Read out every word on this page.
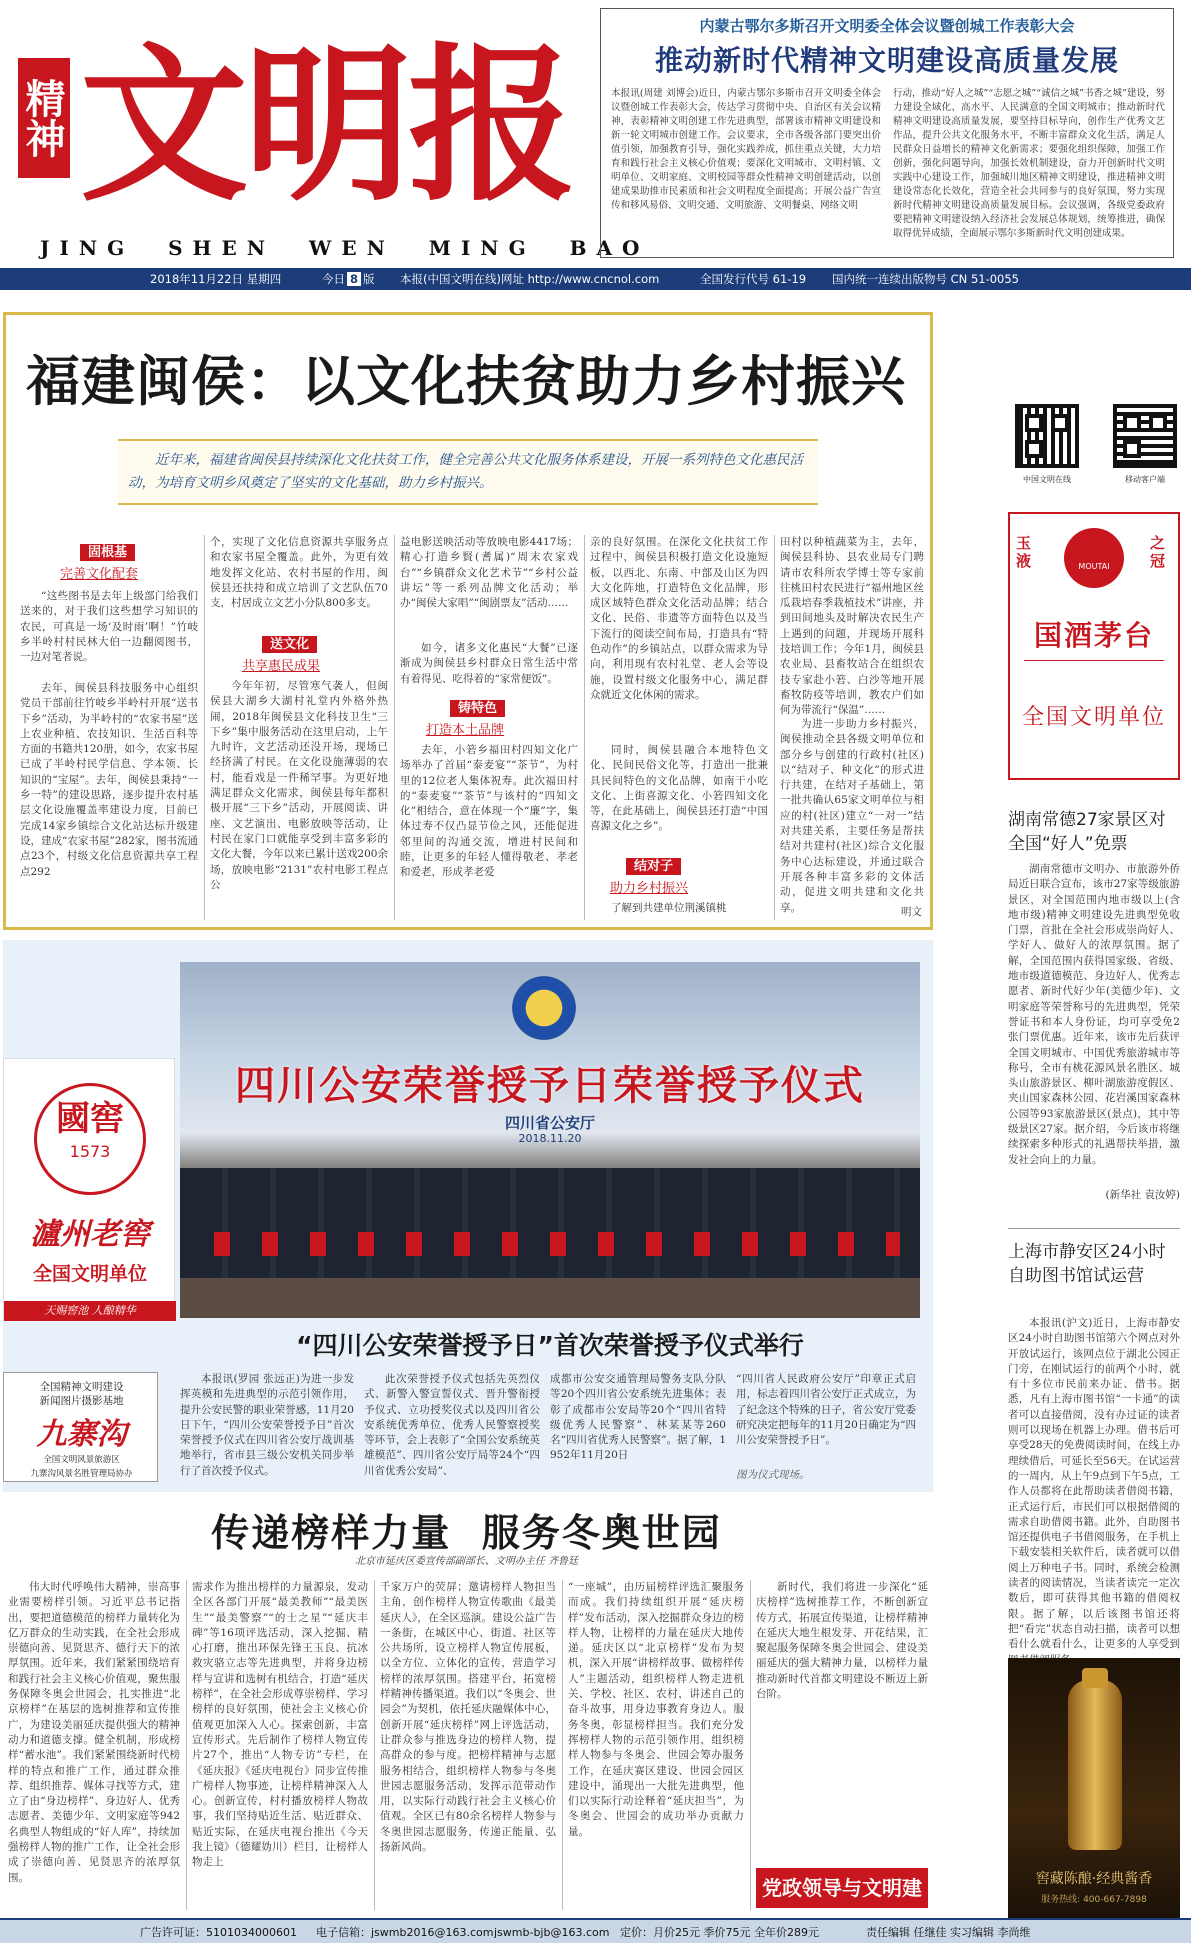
精神 文明报
JING  SHEN  WEN  MING  BAO
内蒙古鄂尔多斯召开文明委全体会议暨创城工作表彰大会
推动新时代精神文明建设高质量发展
本报讯(周建 刘博会)近日，内蒙古鄂尔多斯市召开文明委全体会议暨创城工作表彰大会，传达学习贯彻中央、自治区有关会议精神，表彰精神文明创建工作先进典型，部署该市精神文明建设和新一轮文明城市创建工作。会议要求，全市各级各部门要突出价值引领，加强教育引导，强化实践养成，抓住重点关键，大力培育和践行社会主义核心价值观；要深化文明城市、文明村镇、文明单位、文明家庭、文明校园等群众性精神文明创建活动，以创建成果助推市民素质和社会文明程度全面提高；开展公益广告宣传和移风易俗、文明交通、文明旅游、文明餐桌、网络文明
行动，推动“好人之城”“志愿之城”“诚信之城”书香之城”建设，努力建设全域化、高水平、人民满意的全国文明城市；推动新时代精神文明建设高质量发展，要坚持目标导向，创作生产优秀文艺作品，提升公共文化服务水平，不断丰富群众文化生活，满足人民群众日益增长的精神文化新需求；要强化组织保障，加强工作创新，强化问题导向，加强长效机制建设，奋力开创新时代文明实践中心建设工作，加强城川地区精神文明建设，推进精神文明建设常态化长效化，营造全社会共同参与的良好氛围，努力实现新时代精神文明建设高质量发展目标。会议强调，各级党委政府要把精神文明建设纳入经济社会发展总体规划，统筹推进，确保取得优异成绩，全面展示鄂尔多斯新时代文明创建成果。
2018年11月22日 星期四	今日 8 版 本报(中国文明在线)网址 http://www.cncnol.com	全国发行代号 61-19 国内统一连续出版物号 CN 51-0055
福建闽侯：以文化扶贫助力乡村振兴
近年来，福建省闽侯县持续深化文化扶贫工作，健全完善公共文化服务体系建设，开展一系列特色文化惠民活动，为培育文明乡风奠定了坚实的文化基础，助力乡村振兴。
固根基
完善文化配套
“这些图书是去年上级部门给我们送来的，对于我们这些想学习知识的农民，可真是一场‘及时雨’啊！”竹岐乡半岭村村民林大伯一边翻阅图书，一边对笔者说。
去年，闽侯县科技服务中心组织党员干部前往竹岐乡半岭村开展“送书下乡”活动，为半岭村的“农家书屋”送上农业种植、农技知识、生活百科等方面的书籍共120册，如今，农家书屋已成了半岭村民学信息、学本领、长知识的“宝屋”。去年，闽侯县秉持“一乡一特”的建设思路，逐步提升农村基层文化设施覆盖率建设力度，目前已完成14家乡镇综合文化站达标升级建设，建成“农家书屋”282家，图书流通点23个，村级文化信息资源共享工程点292
个，实现了文化信息资源共享服务点和农家书屋全覆盖。此外，为更有效地发挥文化站、农村书屋的作用，闽侯县还扶持和成立培训了文艺队伍70支，村居成立文艺小分队800多支。
送文化
共享惠民成果
今年年初，尽管寒气袭人，但闽侯县大湖乡大湖村礼堂内外格外热闹，2018年闽侯县文化科技卫生“三下乡”集中服务活动在这里启动，上午九时许，文艺活动还没开场，现场已经挤满了村民。在文化设施薄弱的农村，能看戏是一件稀罕事。为更好地满足群众文化需求，闽侯县每年都积极开展“三下乡”活动，开展阅读、讲座、文艺演出、电影放映等活动，让村民在家门口就能享受到丰富多彩的文化大餐，今年以来已累计送戏200余场，放映电影“2131”农村电影工程点公
益电影送映活动等放映电影4417场；精心打造乡賢(耆属)“周末农家戏台”“乡镇群众文化艺术节”“乡村公益讲坛”等一系列品牌文化活动；举办“闽侯大家唱”“闽剧票友”活动……
如今，诸多文化惠民“大餐”已逐渐成为闽侯县乡村群众日常生活中常有着得见、吃得着的“家常便饭”。
铸特色
打造本土品牌
去年，小箬乡福田村四知文化广场举办了首届“泰麦宴”“茶节”，为村里的12位老人集体祝寿。此次福田村的“泰麦宴”“茶节”与该村的“四知文化”相结合，意在体现一个“廉”字，集体过寿不仅凸显节俭之风，还能促进邻里间的沟通交流，增进村民间和睦，让更多的年轻人懂得敬老、孝老和爱老，形成孝老爱
亲的良好氛围。在深化文化扶贫工作过程中，闽侯县积极打造文化设施短板，以西北、东南、中部及山区为四大文化阵地，打造特色文化品牌，形成区域特色群众文化活动品牌；结合文化、民俗、非遗等方面特色以及当下流行的阅读空间布局，打造具有“特色动作”的乡镇站点，以群众需求为导向，利用现有农村礼堂、老人会等设施，设置村级文化服务中心，满足群众就近文化休闲的需求。
同时，闽侯县融合本地特色文化、民间民俗文化等，打造出一批兼具民间特色的文化品牌，如南干小吃文化、上街喜源文化、小箬四知文化等，在此基础上，闽侯县还打造“中国喜源文化之乡”。
结对子
助力乡村振兴
了解到共建单位荆溪镇桃
田村以种植蔬菜为主，去年，闽侯县科协、县农业局专门聘请市农科所农学博士等专家前往桃田村农民进行“福州地区丝瓜栽培春季栽植技术”讲座，并到田间地头及时解决农民生产上遇到的问题，并现场开展科技培训工作；今年1月，闽侯县农业局、县畜牧站合在组织农技专家赴小箬、白沙等地开展畜牧防疫等培训，教农户们如何为带流行“保温”……
为进一步助力乡村振兴，闽侯推动全县各级文明单位和部分乡与创建的行政村(社区)以“结对子、种文化”的形式进行共建，在结对子基础上，第一批共确认65家文明单位与相应的村(社区)建立“一对一”结对共建关系，主要任务是帮扶结对共建村(社区)综合文化服务中心达标建设，并通过联合开展各种丰富多彩的文体活动，促进文明共建和文化共享。	明文
中国文明在线	移动客户端
玉液	MOUTAI
之冠
国酒茅台
全国文明单位
湖南常德27家景区对全国“好人”免票
湖南常德市文明办、市旅游外侨局近日联合宣布，该市27家等级旅游景区，对全国范围内地市级以上(含地市级)精神文明建设先进典型免收门票，首批在全社会形成崇尚好人、学好人、做好人的浓厚氛围。据了解，全国范围内获得国家级、省级、地市级道德模范、身边好人、优秀志愿者、新时代好少年(美德少年)、文明家庭等荣誉称号的先进典型，凭荣誉证书和本人身份证，均可享受免2张门票优惠。近年来，该市先后获评全国文明城市、中国优秀旅游城市等称号，全市有桃花源风景名胜区、城头山旅游景区、柳叶湖旅游度假区、夹山国家森林公园、花岩溪国家森林公园等93家旅游景区(景点)，其中等级景区27家。据介绍，今后该市将继续探索多种形式的礼遇帮扶举措，激发社会向上的力量。
(新华社 袁汝婷)
上海市静安区24小时自助图书馆试运营
本报讯(沪文)近日，上海市静安区24小时自助图书馆第六个网点对外开放试运行，该网点位于湖北公园正门旁，在刚试运行的前两个小时，就有十多位市民前来办证、借书。据悉，凡有上海市图书馆“一卡通”的读者可以直接借阅，没有办过证的读者则可以现场在机器上办理。借书后可享受28天的免费阅读时间，在线上办理续借后，可延长至56天。在试运营的一周内，从上午9点到下午5点，工作人员都将在此帮助读者借阅书籍，正式运行后，市民们可以根据借阅的需求自助借阅书籍。此外，自助图书馆还提供电子书借阅服务，在手机上下载安装相关软件后，读者就可以借阅上万种电子书。同时，系统会检测读者的阅读情况，当读者读完一定次数后，即可获得其他书籍的借阅权限。据了解，以后该图书馆还将把“看完”状态自动扫描，读者可以想看什么就看什么，让更多的人享受到
窖藏陈酿·经典酱香
服务热线: 400-667-7898
國窖
1573
瀘州老窖
全国文明单位
天赐窖池 人酿精华
全国精神文明建设
新闻图片摄影基地
九寨沟
全国文明风景旅游区
九寨沟风景名胜管理局协办
四川公安荣誉授予日荣誉授予仪式
四川省公安厅
2018.11.20
“四川公安荣誉授予日”首次荣誉授予仪式举行
本报讯(罗园 张远正)为进一步发挥英模和先进典型的示范引领作用，提升公安民警的职业荣誉感，11月20日下午，“四川公安荣誉授予日”首次荣誉授予仪式在四川省公安厅战训基地举行，省市县三级公安机关同步举行了首次授予仪式。
此次荣誉授予仪式包括先英烈仪式、新警入警宣誓仪式、晋升警衔授予仪式、立功授奖仪式以及四川省公安系统优秀单位、优秀人民警察授奖等环节，会上表彰了“全国公安系统英雄模范”、四川省公安厅局等24个“四川省优秀公安局”、
成都市公安交通管理局警务支队分队等20个四川省公安系统先进集体；表彰了成都市公安局等20个“四川省特级优秀人民警察”、林某某等260名“四川省优秀人民警察”。据了解，1952年11月20日
“四川省人民政府公安厅”印章正式启用，标志着四川省公安厅正式成立，为了纪念这个特殊的日子，省公安厅党委研究决定把每年的11月20日确定为“四川公安荣誉授予日”。
图为仪式现场。
传递榜样力量  服务冬奥世园
北京市延庆区委宣传部副部长、文明办主任 齐鲁廷
伟大时代呼唤伟大精神，崇高事业需要榜样引领。习近平总书记指出，要把道德模范的榜样力量转化为亿万群众的生动实践，在全社会形成崇德向善、见贤思齐、德行天下的浓厚氛围。近年来，我们紧紧围绕培育和践行社会主义核心价值观，聚焦服务保障冬奥会世园会，扎实推进“北京榜样”在基层的选树推荐和宣传推广，为建设美丽延庆提供强大的精神动力和道德支撑。健全机制，形成榜样“蓄水池”。我们紧紧围绕新时代榜样的特点和推广工作，通过群众推荐、组织推荐、媒体寻找等方式，建立了由“身边榜样”、身边好人、优秀志愿者、美德少年、文明家庭等942名典型人物组成的“好人库”，持续加强榜样人物的推广工作，让全社会形成了崇德向善、见贤思齐的浓厚氛围。
需求作为推出榜样的力量源泉，发动全区各部门开展“最美教师”“最美医生”“最美警察”“的士之星”“延庆丰碑”等16项评选活动，深入挖掘、精心打磨，推出环保先锋王玉良、抗冰救灾骆立志等先进典型，并将身边榜样与宣讲和选树有机结合，打造“延庆榜样”，在全社会形成尊崇榜样、学习榜样的良好氛围，使社会主义核心价值观更加深入人心。探索创新，丰富宣传形式。先后制作了榜样人物宣传片27个，推出“人物专访”专栏，在《延庆报》《延庆电视台》同步宣传推广榜样人物事迹，让榜样精神深入人心。创新宣传，村村播放榜样人物故事，我们坚持贴近生活、贴近群众、贴近实际，在延庆电视台推出《今天我上镜》（德耀妫川）栏目，让榜样人物走上
千家万户的荧屏；邀请榜样人物担当主角，创作榜样人物宣传歌曲《最美延庆人》，在全区巡演。建设公益广告一条街，在城区中心、街道、社区等公共场所，设立榜样人物宣传展板，以全方位、立体化的宣传，营造学习榜样的浓厚氛围。搭建平台，拓宽榜样精神传播渠道。我们以“冬奥会、世园会”为契机，依托延庆融媒体中心，创新开展“延庆榜样”网上评选活动，让群众参与推选身边的榜样人物，提高群众的参与度。把榜样精神与志愿服务相结合，组织榜样人物参与冬奥世园志愿服务活动，发挥示范带动作用，以实际行动践行社会主义核心价值观。全区已有80余名榜样人物参与冬奥世园志愿服务，传递正能量、弘扬新风尚。
“一座城”，由历届榜样评选汇聚服务而成。我们持续组织开展“延庆榜样”发布活动，深入挖掘群众身边的榜样人物，让榜样的力量在延庆大地传递。延庆区以“北京榜样”发布为契机，深入开展“讲榜样故事、做榜样传人”主题活动，组织榜样人物走进机关、学校、社区、农村，讲述自己的奋斗故事，用身边事教育身边人。服务冬奥，彰显榜样担当。我们充分发挥榜样人物的示范引领作用，组织榜样人物参与冬奥会、世园会筹办服务工作，在延庆赛区建设、世园会园区建设中，涌现出一大批先进典型，他们以实际行动诠释着“延庆担当”，为冬奥会、世园会的成功举办贡献力量。
新时代，我们将进一步深化“延庆榜样”选树推荐工作，不断创新宣传方式，拓展宣传渠道，让榜样精神在延庆大地生根发芽、开花结果，汇聚起服务保障冬奥会世园会、建设美丽延庆的强大精神力量，以榜样力量推动新时代首都文明建设不断迈上新台阶。
党政领导与文明建
广告许可证：5101034000601 电子信箱：jswmb2016@163.com jswmb-bjb@163.com 定价：月价25元 季价75元 全年价289元	责任编辑 任继佳 实习编辑 李尚维
